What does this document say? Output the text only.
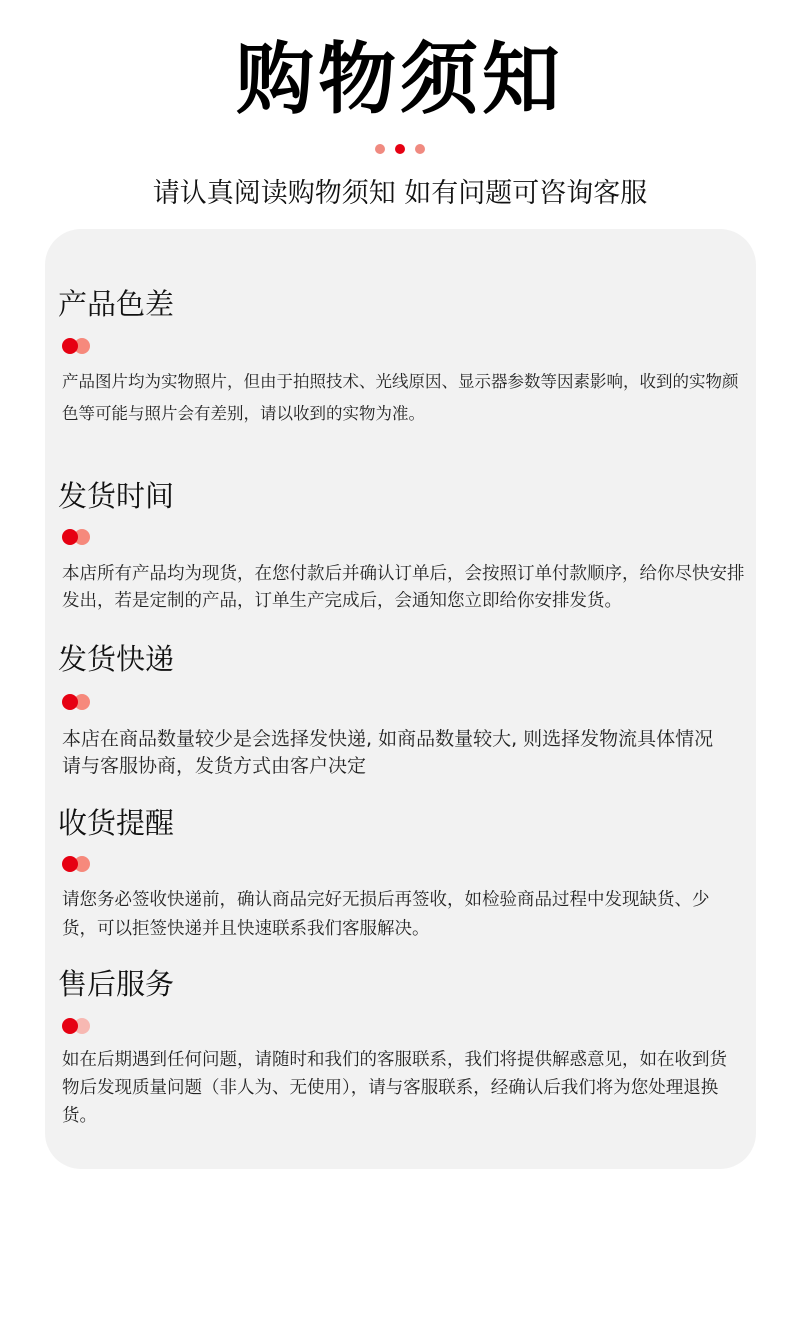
购物须知
请认真阅读购物须知 如有问题可咨询客服
产品色差
产品图片均为实物照片，但由于拍照技术、光线原因、显示器参数等因素影响，收到的实物颜色等可能与照片会有差别，请以收到的实物为准。
发货时间
本店所有产品均为现货，在您付款后并确认订单后，会按照订单付款顺序，给你尽快安排发出，若是定制的产品，订单生产完成后，会通知您立即给你安排发货。
发货快递
本店在商品数量较少是会选择发快递, 如商品数量较大, 则选择发物流具体情况请与客服协商，发货方式由客户决定
收货提醒
请您务必签收快递前，确认商品完好无损后再签收，如检验商品过程中发现缺货、少货，可以拒签快递并且快速联系我们客服解决。
售后服务
如在后期遇到任何问题，请随时和我们的客服联系，我们将提供解惑意见，如在收到货物后发现质量问题（非人为、无使用），请与客服联系，经确认后我们将为您处理退换货。
